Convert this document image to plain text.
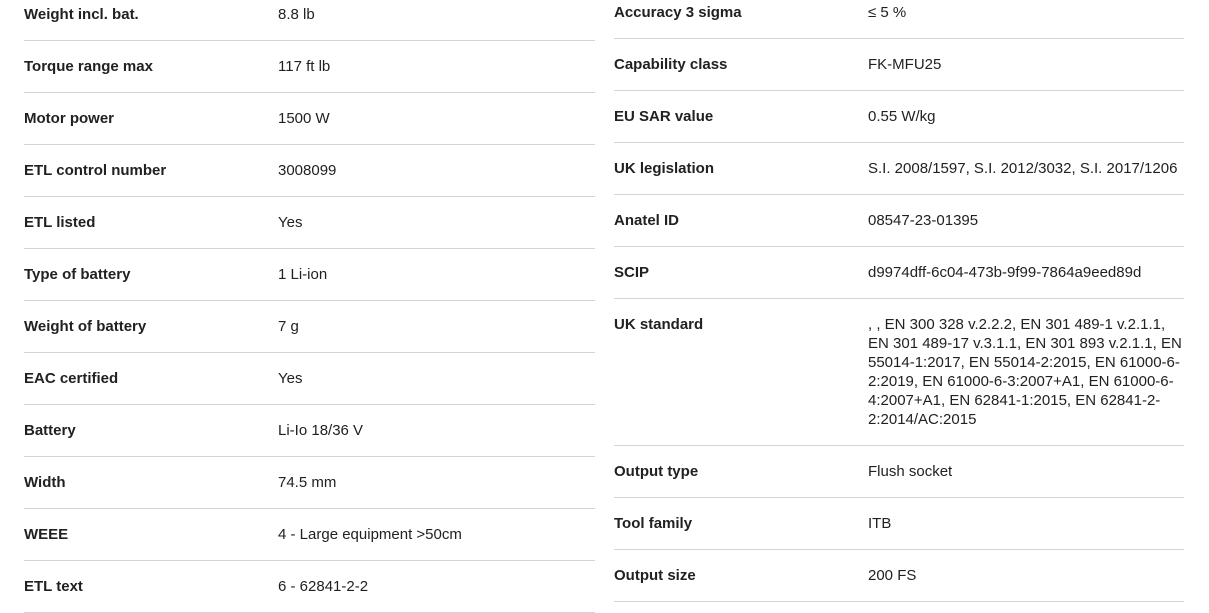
Weight incl. bat.	8.8 lb
Torque range max	117 ft lb
Motor power	1500 W
ETL control number	3008099
ETL listed	Yes
Type of battery	1 Li-ion
Weight of battery	7 g
EAC certified	Yes
Battery	Li-Io 18/36 V
Width	74.5 mm
WEEE	4 - Large equipment >50cm
ETL text	6 - 62841-2-2
Accuracy 3 sigma	≤ 5 %
Capability class	FK-MFU25
EU SAR value	0.55 W/kg
UK legislation	S.I. 2008/1597, S.I. 2012/3032, S.I. 2017/1206
Anatel ID	08547-23-01395
SCIP	d9974dff-6c04-473b-9f99-7864a9eed89d
UK standard	, , EN 300 328 v.2.2.2, EN 301 489-1 v.2.1.1, EN 301 489-17 v.3.1.1, EN 301 893 v.2.1.1, EN 55014-1:2017, EN 55014-2:2015, EN 61000-6-2:2019, EN 61000-6-3:2007+A1, EN 61000-6-4:2007+A1, EN 62841-1:2015, EN 62841-2-2:2014/AC:2015
Output type	Flush socket
Tool family	ITB
Output size	200 FS
